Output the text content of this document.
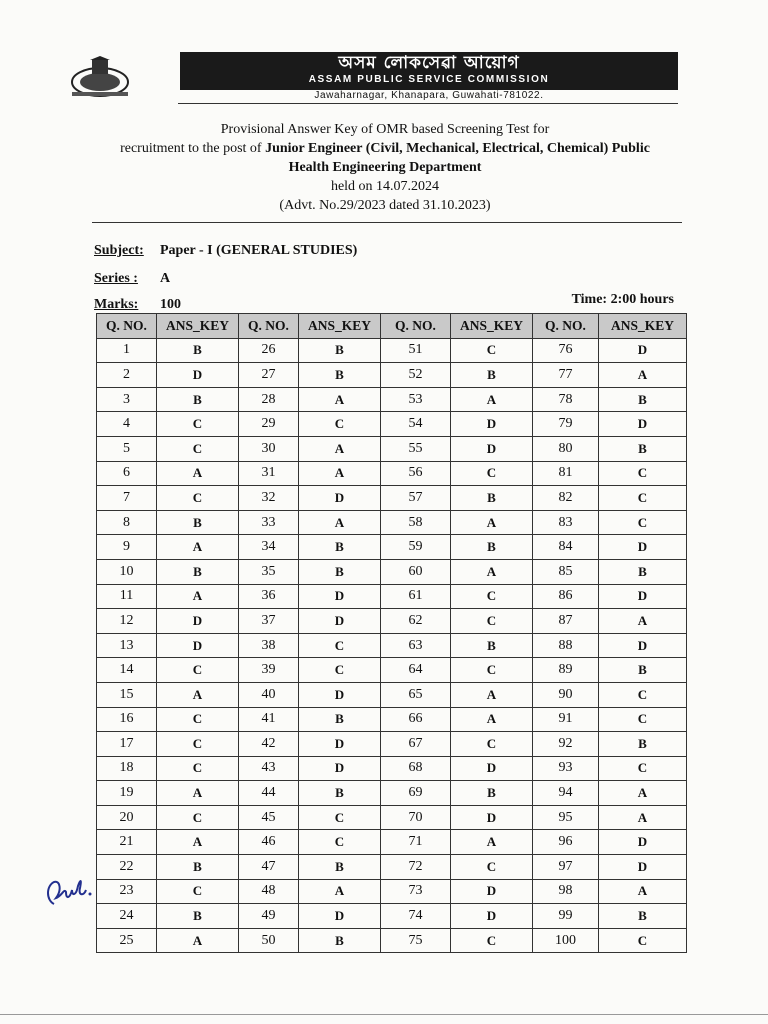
অসম লোকসেৱা আয়োগ
ASSAM PUBLIC SERVICE COMMISSION
Jawaharnagar, Khanapara, Guwahati-781022.
Provisional Answer Key of OMR based Screening Test for
recruitment to the post of Junior Engineer (Civil, Mechanical, Electrical, Chemical) Public
Health Engineering Department
held on 14.07.2024
(Advt. No.29/2023 dated 31.10.2023)
Subject: Paper - I (GENERAL STUDIES)
Series : A
Marks: 100	Time: 2:00 hours
Q. NO.	ANS_KEY	Q. NO.	ANS_KEY	Q. NO.	ANS_KEY	Q. NO.	ANS_KEY
1	B	26	B	51	C	76	D
2	D	27	B	52	B	77	A
3	B	28	A	53	A	78	B
4	C	29	C	54	D	79	D
5	C	30	A	55	D	80	B
6	A	31	A	56	C	81	C
7	C	32	D	57	B	82	C
8	B	33	A	58	A	83	C
9	A	34	B	59	B	84	D
10	B	35	B	60	A	85	B
11	A	36	D	61	C	86	D
12	D	37	D	62	C	87	A
13	D	38	C	63	B	88	D
14	C	39	C	64	C	89	B
15	A	40	D	65	A	90	C
16	C	41	B	66	A	91	C
17	C	42	D	67	C	92	B
18	C	43	D	68	D	93	C
19	A	44	B	69	B	94	A
20	C	45	C	70	D	95	A
21	A	46	C	71	A	96	D
22	B	47	B	72	C	97	D
23	C	48	A	73	D	98	A
24	B	49	D	74	D	99	B
25	A	50	B	75	C	100	C
